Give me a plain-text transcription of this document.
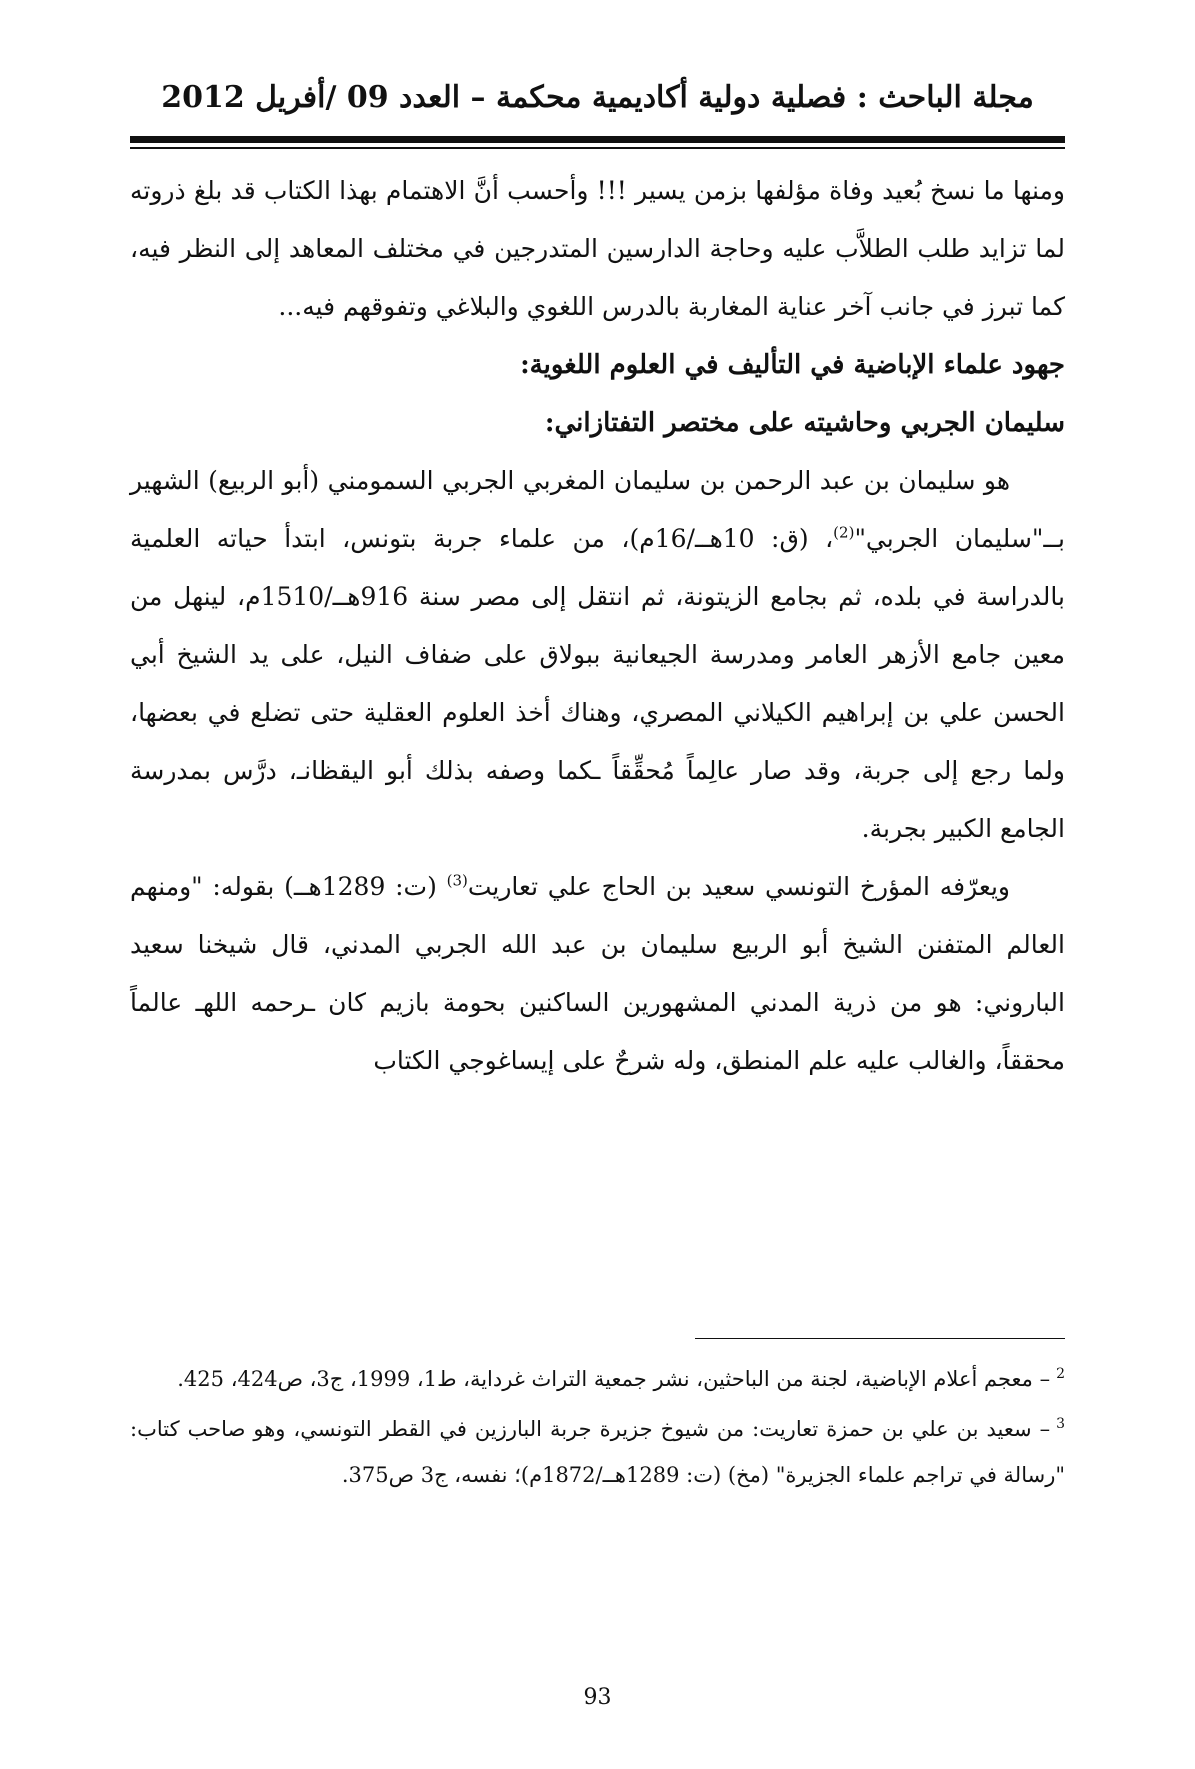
مجلة الباحث : فصلية دولية أكاديمية محكمة – العدد 09 /أفريل 2012

ومنها ما نسخ بُعيد وفاة مؤلفها بزمن يسير !!! وأحسب أنَّ الاهتمام بهذا الكتاب قد بلغ ذروته لما تزايد طلب الطلاَّب عليه وحاجة الدارسين المتدرجين في مختلف المعاهد إلى النظر فيه، كما تبرز في جانب آخر عناية المغاربة بالدرس اللغوي والبلاغي وتفوقهم فيه...

جهود علماء الإباضية في التأليف في العلوم اللغوية:
سليمان الجربي وحاشيته على مختصر التفتازاني:

هو سليمان بن عبد الرحمن بن سليمان المغربي الجربي السمومني (أبو الربيع) الشهير بــ"سليمان الجربي"$^{(2)}$، (ق: 10هــ/16م)، من علماء جربة بتونس، ابتدأ حياته العلمية بالدراسة في بلده، ثم بجامع الزيتونة، ثم انتقل إلى مصر سنة 916هــ/1510م، لينهل من معين جامع الأزهر العامر ومدرسة الجيعانية ببولاق على ضفاف النيل، على يد الشيخ أبي الحسن علي بن إبراهيم الكيلاني المصري، وهناك أخذ العلوم العقلية حتى تضلع في بعضها، ولما رجع إلى جربة، وقد صار عالِماً مُحقِّقاً ـكما وصفه بذلك أبو اليقظانـ، درَّس بمدرسة الجامع الكبير بجربة.

ويعرّفه المؤرخ التونسي سعيد بن الحاج علي تعاريت$^{(3)}$ (ت: 1289هــ) بقوله: "ومنهم العالم المتفنن الشيخ أبو الربيع سليمان بن عبد الله الجربي المدني، قال شيخنا سعيد الباروني: هو من ذرية المدني المشهورين الساكنين بحومة بازيم كان ـرحمه اللهـ عالماً محققاً، والغالب عليه علم المنطق، وله شرحٌ على إيساغوجي الكتاب

$^2$– معجم أعلام الإباضية، لجنة من الباحثين، نشر جمعية التراث غرداية، ط1، 1999، ج3، ص424، 425.

$^3$– سعيد بن علي بن حمزة تعاريت: من شيوخ جزيرة جربة البارزين في القطر التونسي، وهو صاحب كتاب: "رسالة في تراجم علماء الجزيرة" (مخ) (ت: 1289هــ/1872م)؛ نفسه، ج3 ص375.

93
